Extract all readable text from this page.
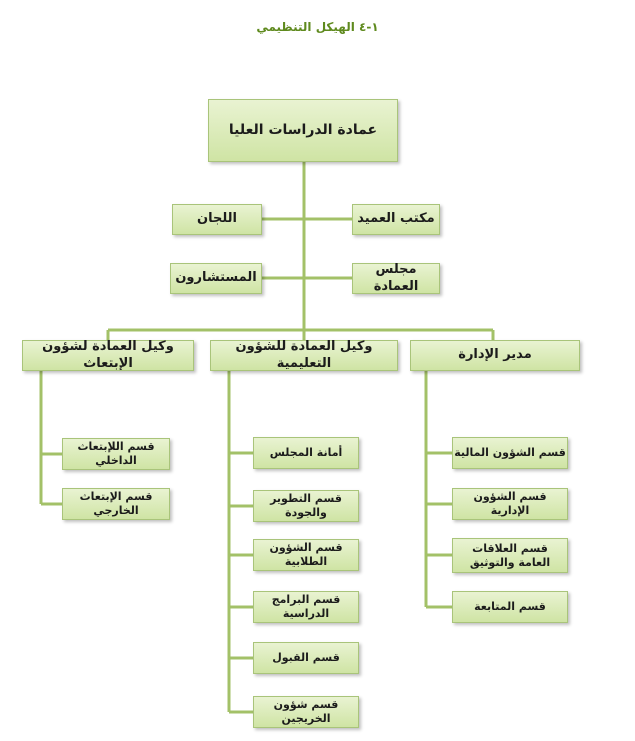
١-٤ الهيكل التنظيمي
عمادة الدراسات العليا
مكتب العميد
مجلس العمادة
اللجان
المستشارون
مدير الإدارة
وكيل العمادة للشؤون التعليمية
وكيل العمادة لشؤون الإبتعاث
قسم الشؤون المالية
قسم الشؤون الإدارية
قسم العلاقات العامة والتوثيق
قسم المتابعة
أمانة المجلس
قسم التطوير والجودة
قسم الشؤون الطلابية
قسم البرامج الدراسية
قسم القبول
قسم شؤون الخريجين
قسم اللإبتعاث الداخلي
قسم الإبتعاث الخارجي
